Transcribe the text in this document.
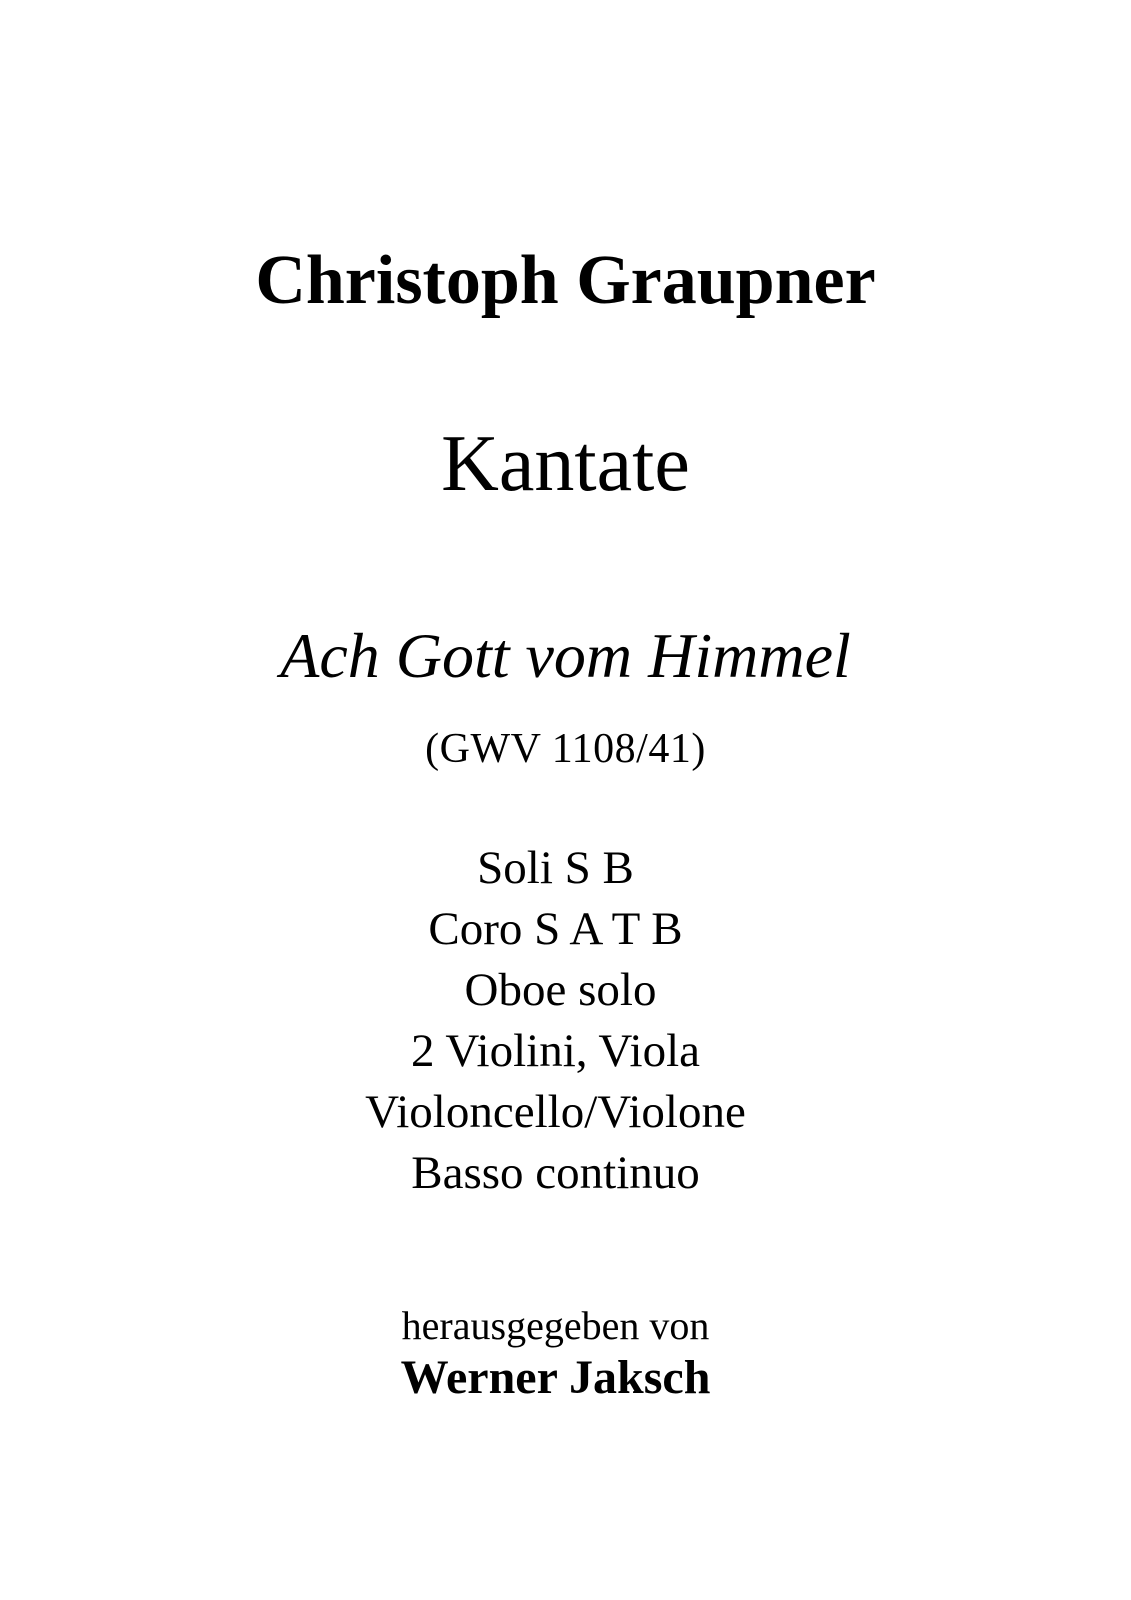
Christoph Graupner
Kantate
Ach Gott vom Himmel
(GWV 1108/41)
Soli S B
Coro S A T B
Oboe solo
2 Violini, Viola
Violoncello/Violone
Basso continuo
herausgegeben von
Werner Jaksch
